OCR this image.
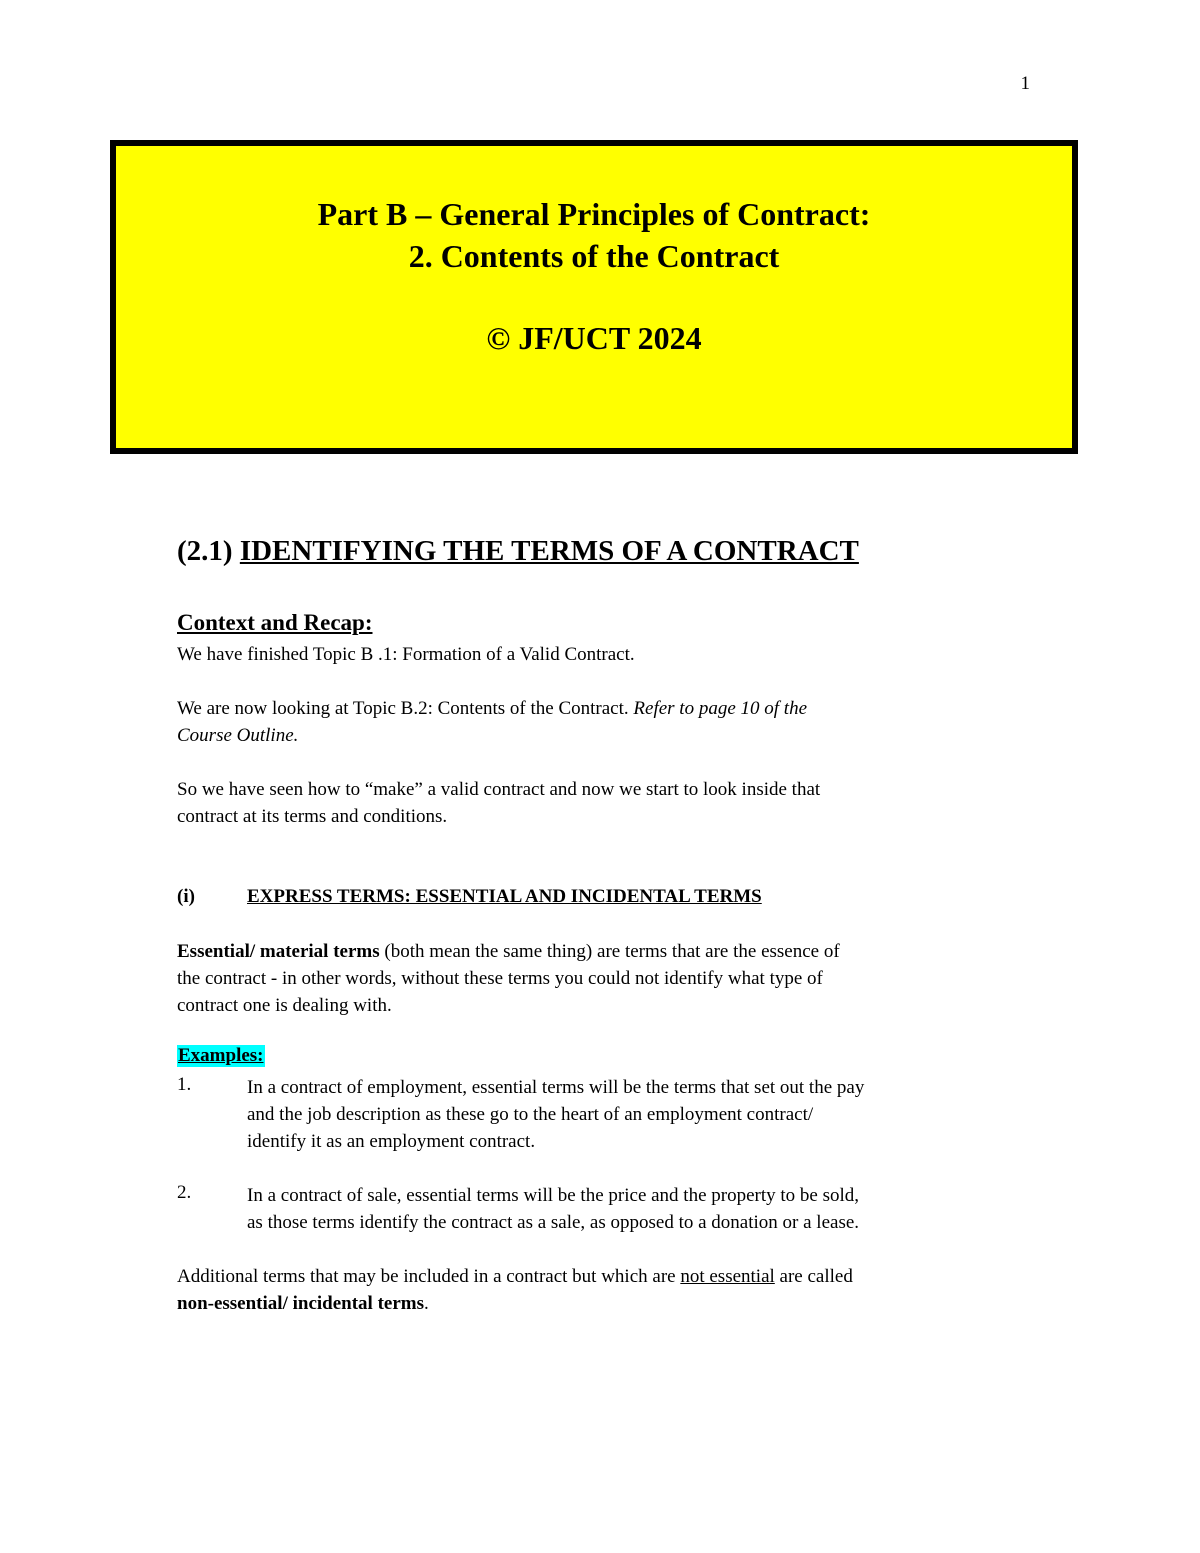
1
Part B – General Principles of Contract:
2. Contents of the Contract
© JF/UCT 2024
(2.1) IDENTIFYING THE TERMS OF A CONTRACT
Context and Recap:
We have finished Topic B .1: Formation of a Valid Contract.
We are now looking at Topic B.2: Contents of the Contract. Refer to page 10 of the
Course Outline.
So we have seen how to “make” a valid contract and now we start to look inside that
contract at its terms and conditions.
(i)	EXPRESS TERMS: ESSENTIAL AND INCIDENTAL TERMS
Essential/ material terms (both mean the same thing) are terms that are the essence of
the contract - in other words, without these terms you could not identify what type of
contract one is dealing with.
Examples:
1.	In a contract of employment, essential terms will be the terms that set out the pay
and the job description as these go to the heart of an employment contract/
identify it as an employment contract.
2.	In a contract of sale, essential terms will be the price and the property to be sold,
as those terms identify the contract as a sale, as opposed to a donation or a lease.
Additional terms that may be included in a contract but which are not essential are called
non-essential/ incidental terms.
